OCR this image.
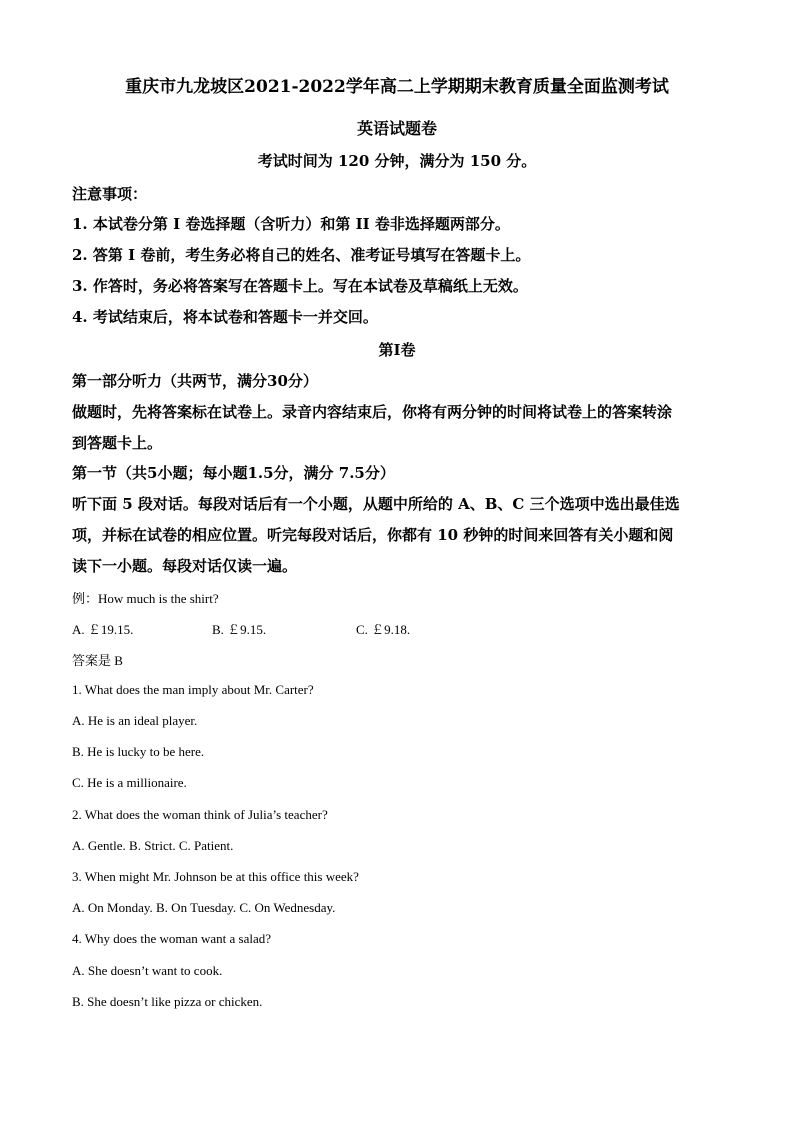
重庆市九龙坡区2021-2022学年高二上学期期末教育质量全面监测考试
英语试题卷
考试时间为 120 分钟，满分为 150 分。
注意事项：
1. 本试卷分第 I 卷选择题（含听力）和第 II 卷非选择题两部分。
2. 答第 I 卷前，考生务必将自己的姓名、准考证号填写在答题卡上。
3. 作答时，务必将答案写在答题卡上。写在本试卷及草稿纸上无效。
4. 考试结束后，将本试卷和答题卡一并交回。
第Ⅰ卷
第一部分听力（共两节，满分30分）
做题时，先将答案标在试卷上。录音内容结束后，你将有两分钟的时间将试卷上的答案转涂
到答题卡上。
第一节（共5小题；每小题1.5分，满分 7.5分）
听下面 5 段对话。每段对话后有一个小题，从题中所给的 A、B、C 三个选项中选出最佳选
项，并标在试卷的相应位置。听完每段对话后，你都有 10 秒钟的时间来回答有关小题和阅
读下一小题。每段对话仅读一遍。
例：How much is the shirt?
A. ￡19.15.	B. ￡9.15.	C. ￡9.18.
答案是 B
1. What does the man imply about Mr. Carter?
A. He is an ideal player.
B. He is lucky to be here.
C. He is a millionaire.
2. What does the woman think of Julia’s teacher?
A. Gentle. B. Strict. C. Patient.
3. When might Mr. Johnson be at this office this week?
A. On Monday. B. On Tuesday. C. On Wednesday.
4. Why does the woman want a salad?
A. She doesn’t want to cook.
B. She doesn’t like pizza or chicken.
